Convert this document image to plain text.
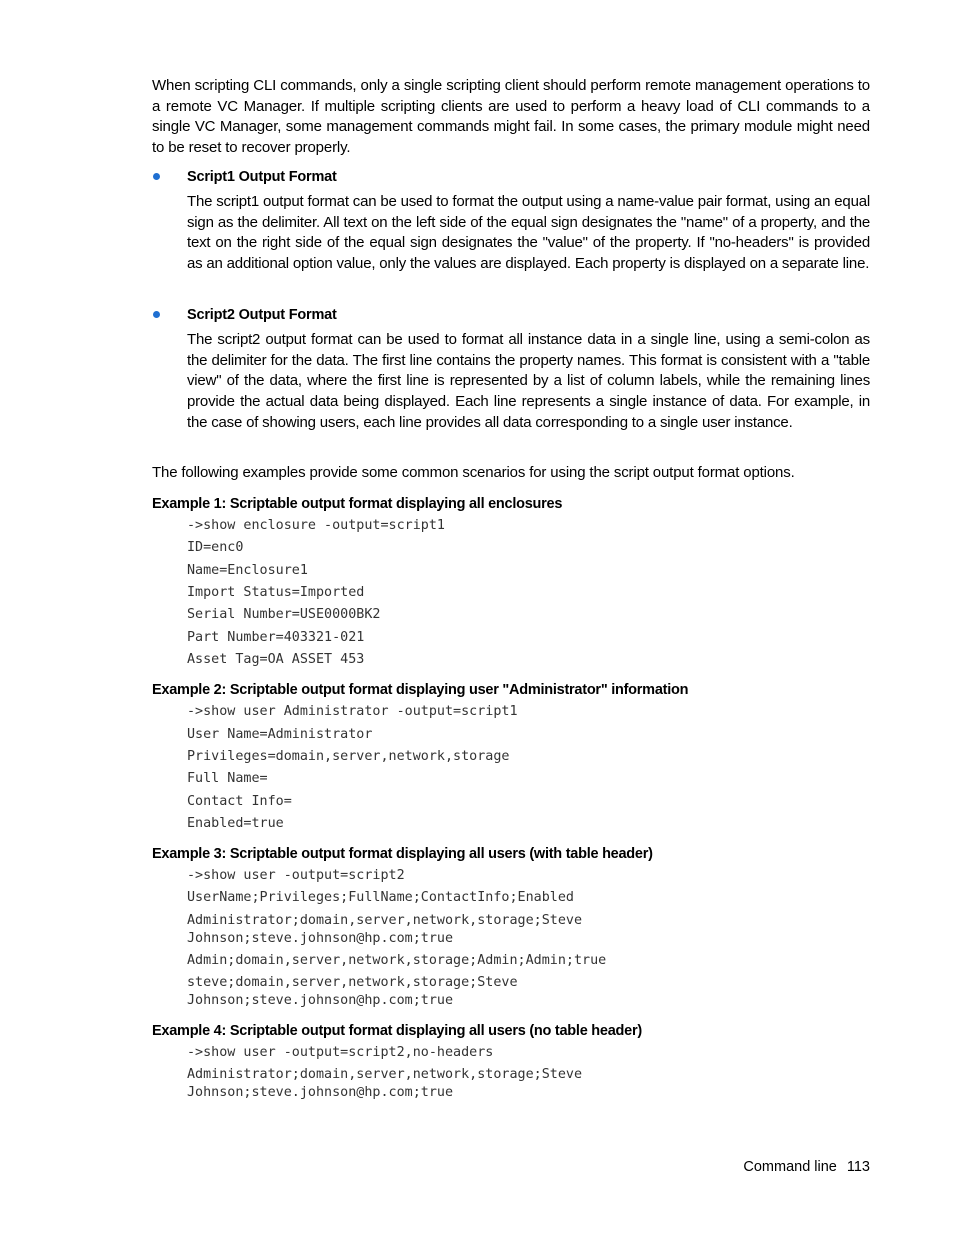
When scripting CLI commands, only a single scripting client should perform remote management operations to a remote VC Manager. If multiple scripting clients are used to perform a heavy load of CLI commands to a single VC Manager, some management commands might fail. In some cases, the primary module might need to be reset to recover properly.

Script1 Output Format

The script1 output format can be used to format the output using a name-value pair format, using an equal sign as the delimiter. All text on the left side of the equal sign designates the "name" of a property, and the text on the right side of the equal sign designates the "value" of the property. If "no-headers" is provided as an additional option value, only the values are displayed. Each property is displayed on a separate line.

Script2 Output Format

The script2 output format can be used to format all instance data in a single line, using a semi-colon as the delimiter for the data. The first line contains the property names. This format is consistent with a "table view" of the data, where the first line is represented by a list of column labels, while the remaining lines provide the actual data being displayed. Each line represents a single instance of data. For example, in the case of showing users, each line provides all data corresponding to a single user instance.

The following examples provide some common scenarios for using the script output format options.

Example 1: Scriptable output format displaying all enclosures
->show enclosure -output=script1
ID=enc0
Name=Enclosure1
Import Status=Imported
Serial Number=USE0000BK2
Part Number=403321-021
Asset Tag=OA ASSET 453
Example 2: Scriptable output format displaying user "Administrator" information
->show user Administrator -output=script1
User Name=Administrator
Privileges=domain,server,network,storage
Full Name=
Contact Info=
Enabled=true
Example 3: Scriptable output format displaying all users (with table header)
->show user -output=script2
UserName;Privileges;FullName;ContactInfo;Enabled
Administrator;domain,server,network,storage;Steve
Johnson;steve.johnson@hp.com;true
Admin;domain,server,network,storage;Admin;Admin;true
steve;domain,server,network,storage;Steve
Johnson;steve.johnson@hp.com;true
Example 4: Scriptable output format displaying all users (no table header)
->show user -output=script2,no-headers
Administrator;domain,server,network,storage;Steve
Johnson;steve.johnson@hp.com;true
Command line 113
